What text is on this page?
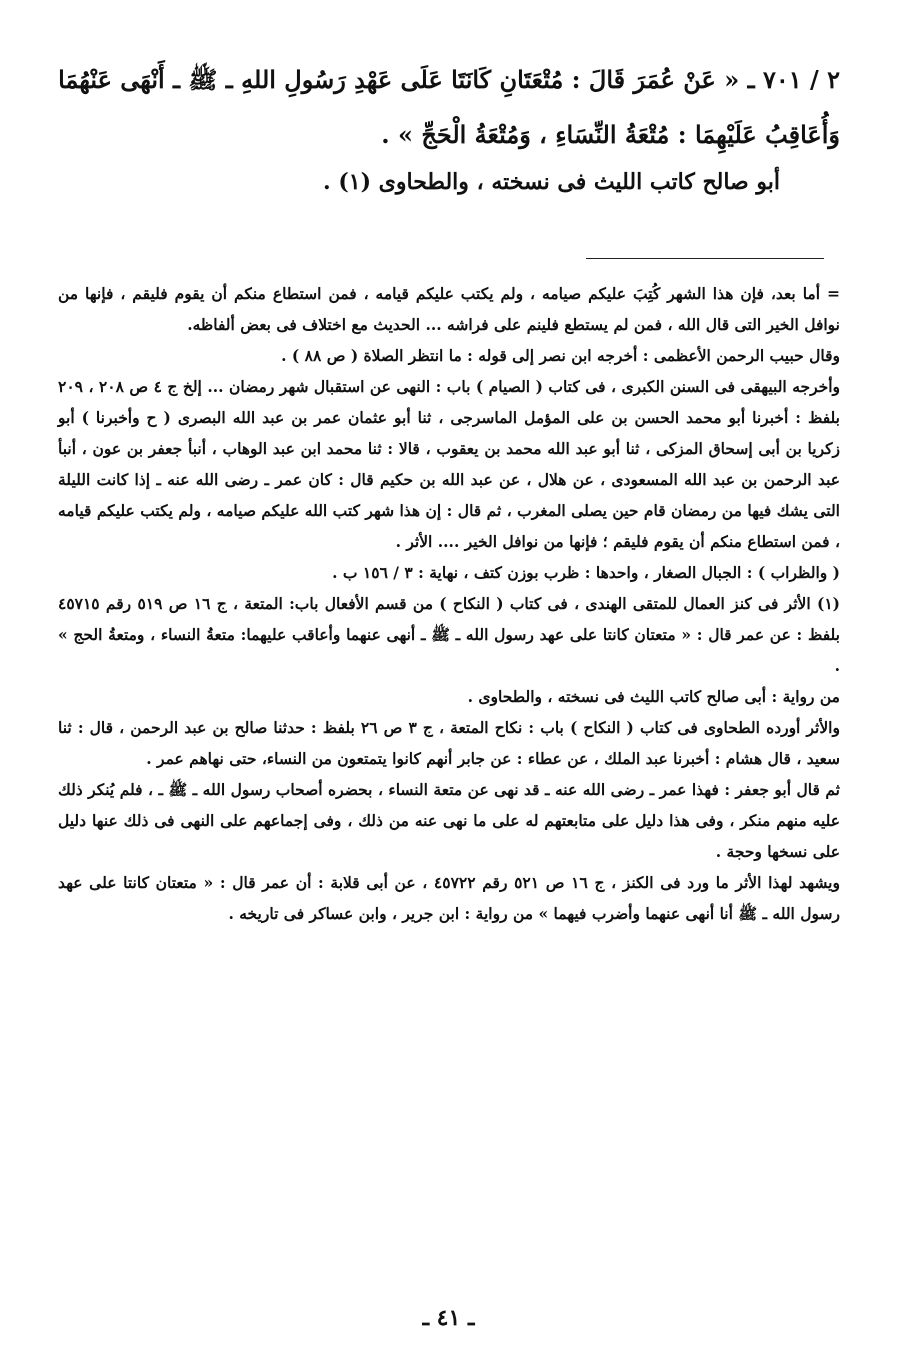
٢ / ٧٠١ ـ « عَنْ عُمَرَ قَالَ : مُتْعَتَانِ كَانَتَا عَلَى عَهْدِ رَسُولِ اللهِ ـ ﷺ ـ أَنْهَى عَنْهُمَا
وَأُعَاقِبُ عَلَيْهِمَا : مُتْعَةُ النِّسَاءِ ، وَمُتْعَةُ الْحَجِّ » .

أبو صالح كاتب الليث فى نسخته ، والطحاوى (١) .

= أما بعد، فإن هذا الشهر كُتِبَ عليكم صيامه ، ولم يكتب عليكم قيامه ، فمن استطاع منكم أن يقوم فليقم ، فإنها من نوافل الخير التى قال الله ، فمن لم يستطع فلينم على فراشه ... الحديث مع اختلاف فى بعض ألفاظه.

وقال حبيب الرحمن الأعظمى : أخرجه ابن نصر إلى قوله : ما انتظر الصلاة ( ص ٨٨ ) .

وأخرجه البيهقى فى السنن الكبرى ، فى كتاب ( الصيام ) باب : النهى عن استقبال شهر رمضان ... إلخ ج ٤ ص ٢٠٨ ، ٢٠٩ بلفظ : أخبرنا أبو محمد الحسن بن على المؤمل الماسرجى ، ثنا أبو عثمان عمر بن عبد الله البصرى ( ح وأخبرنا ) أبو زكريا بن أبى إسحاق المزكى ، ثنا أبو عبد الله محمد بن يعقوب ، قالا : ثنا محمد ابن عبد الوهاب ، أنبأ جعفر بن عون ، أنبأ عبد الرحمن بن عبد الله المسعودى ، عن هلال ، عن عبد الله بن حكيم قال : كان عمر ـ رضى الله عنه ـ إذا كانت الليلة التى يشك فيها من رمضان قام حين يصلى المغرب ، ثم قال : إن هذا شهر كتب الله عليكم صيامه ، ولم يكتب عليكم قيامه ، فمن استطاع منكم أن يقوم فليقم ؛ فإنها من نوافل الخير .... الأثر .

( والظراب ) : الجبال الصغار ، واحدها : ظرب بوزن كتف ، نهاية : ٣ / ١٥٦ ب .

(١) الأثر فى كنز العمال للمتقى الهندى ، فى كتاب ( النكاح ) من قسم الأفعال باب: المتعة ، ج ١٦ ص ٥١٩ رقم ٤٥٧١٥ بلفظ : عن عمر قال : « متعتان كانتا على عهد رسول الله ـ ﷺ ـ أنهى عنهما وأعاقب عليهما: متعةُ النساء ، ومتعةُ الحج » .

من رواية : أبى صالح كاتب الليث فى نسخته ، والطحاوى .

والأثر أورده الطحاوى فى كتاب ( النكاح ) باب : نكاح المتعة ، ج ٣ ص ٢٦ بلفظ : حدثنا صالح بن عبد الرحمن ، قال : ثنا سعيد ، قال هشام : أخبرنا عبد الملك ، عن عطاء : عن جابر أنهم كانوا يتمتعون من النساء، حتى نهاهم عمر .

ثم قال أبو جعفر : فهذا عمر ـ رضى الله عنه ـ قد نهى عن متعة النساء ، بحضره أصحاب رسول الله ـ ﷺ ـ ، فلم يُنكر ذلك عليه منهم منكر ، وفى هذا دليل على متابعتهم له على ما نهى عنه من ذلك ، وفى إجماعهم على النهى فى ذلك عنها دليل على نسخها وحجة .

ويشهد لهذا الأثر ما ورد فى الكنز ، ج ١٦ ص ٥٢١ رقم ٤٥٧٢٢ ، عن أبى قلابة : أن عمر قال : « متعتان كانتا على عهد رسول الله ـ ﷺ أنا أنهى عنهما وأضرب فيهما » من رواية : ابن جرير ، وابن عساكر فى تاريخه .

ـ ٤١ ـ
